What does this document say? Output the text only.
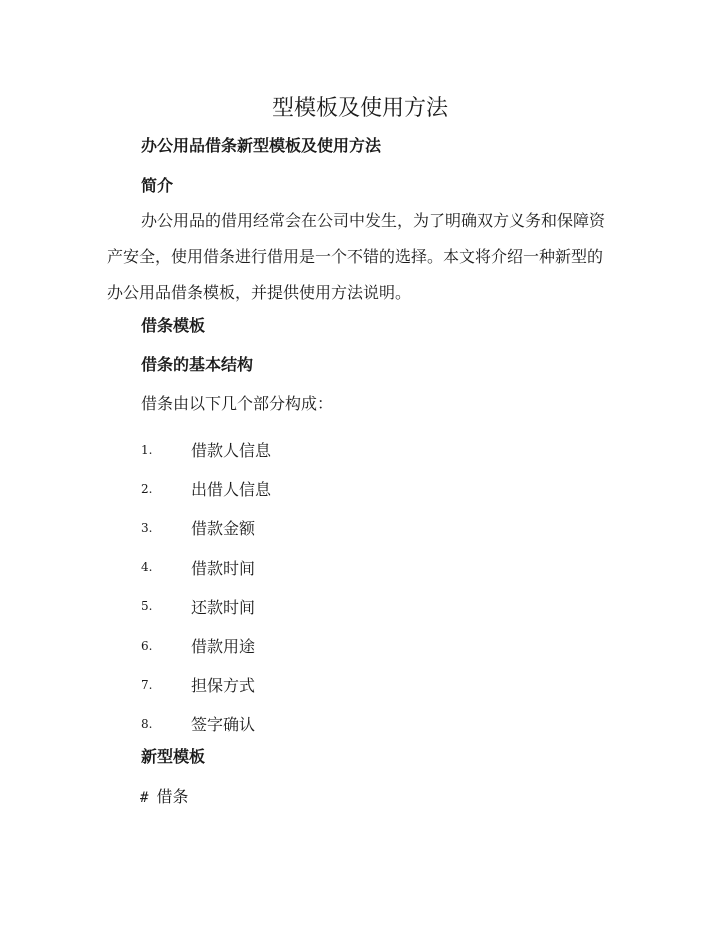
型模板及使用方法
办公用品借条新型模板及使用方法
简介
办公用品的借用经常会在公司中发生，为了明确双方义务和保障资产安全，使用借条进行借用是一个不错的选择。本文将介绍一种新型的办公用品借条模板，并提供使用方法说明。
借条模板
借条的基本结构
借条由以下几个部分构成：
1.	借款人信息
2.	出借人信息
3.	借款金额
4.	借款时间
5.	还款时间
6.	借款用途
7.	担保方式
8.	签字确认
新型模板
# 借条
